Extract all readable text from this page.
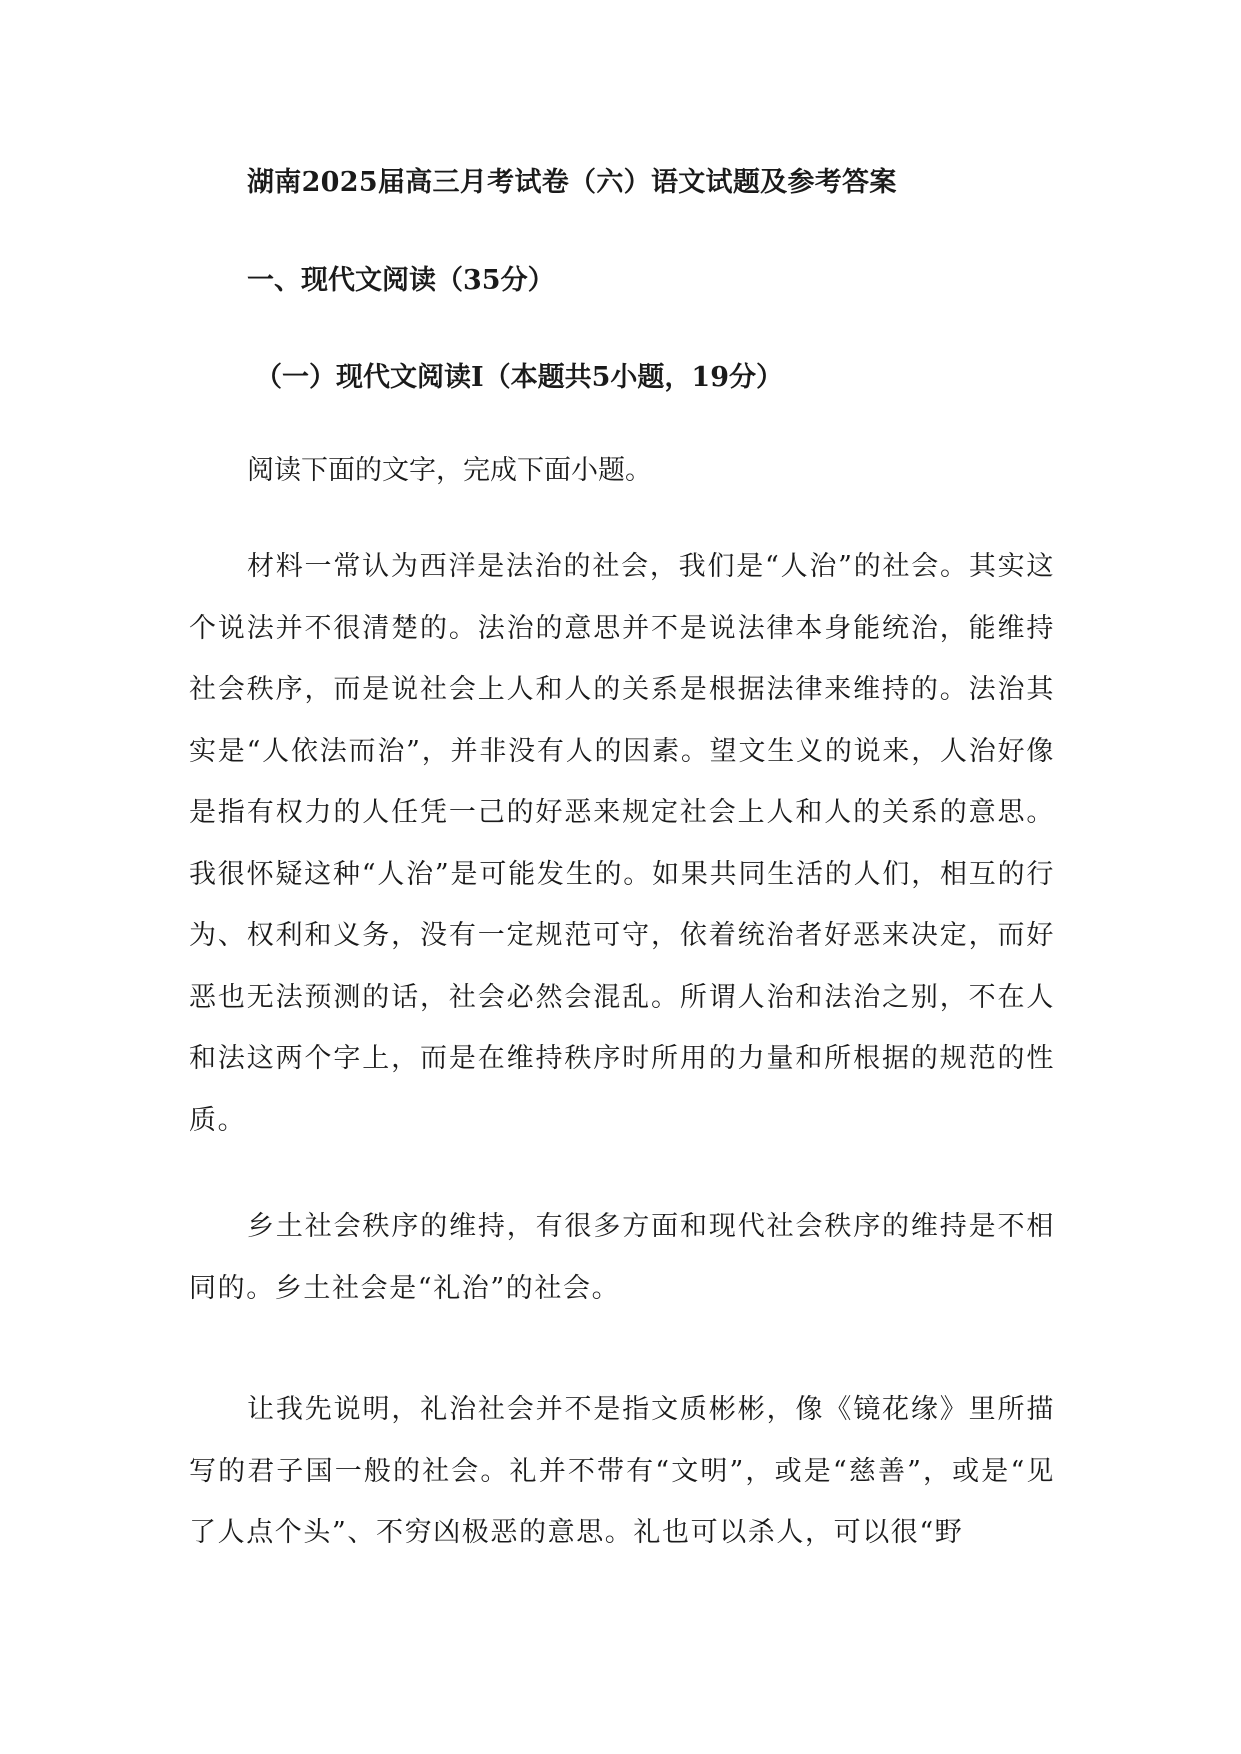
湖南2025届高三月考试卷（六）语文试题及参考答案
一、现代文阅读（35分）
（一）现代文阅读Ⅰ（本题共5小题，19分）
阅读下面的文字，完成下面小题。

材料一常认为西洋是法治的社会，我们是“人治”的社会。其实这个说法并不很清楚的。法治的意思并不是说法律本身能统治，能维持社会秩序，而是说社会上人和人的关系是根据法律来维持的。法治其实是“人依法而治”，并非没有人的因素。望文生义的说来，人治好像是指有权力的人任凭一己的好恶来规定社会上人和人的关系的意思。我很怀疑这种“人治”是可能发生的。如果共同生活的人们，相互的行为、权利和义务，没有一定规范可守，依着统治者好恶来决定，而好恶也无法预测的话，社会必然会混乱。所谓人治和法治之别，不在人和法这两个字上，而是在维持秩序时所用的力量和所根据的规范的性质。

乡土社会秩序的维持，有很多方面和现代社会秩序的维持是不相同的。乡土社会是“礼治”的社会。

让我先说明，礼治社会并不是指文质彬彬，像《镜花缘》里所描写的君子国一般的社会。礼并不带有“文明”，或是“慈善”，或是“见了人点个头”、不穷凶极恶的意思。礼也可以杀人，可以很“野
